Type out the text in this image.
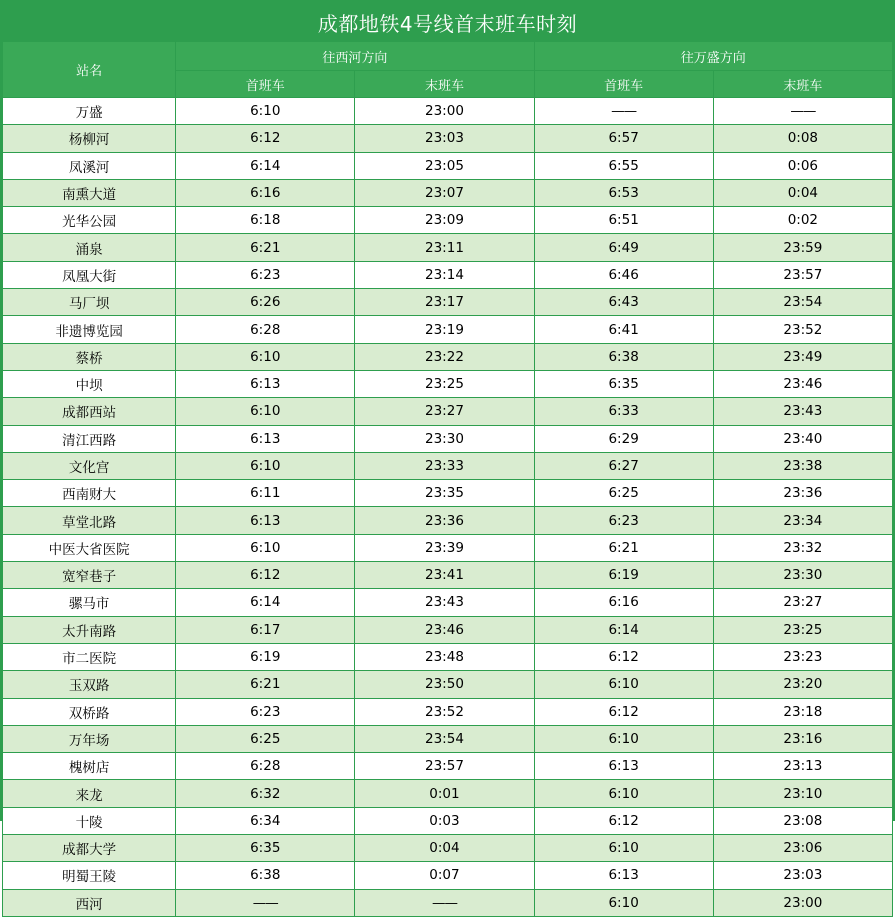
成都地铁4号线首末班车时刻				
站名	往西河方向		往万盛方向	
	首班车	末班车	首班车	末班车
万盛	6:10	23:00	——	——
杨柳河	6:12	23:03	6:57	0:08
凤溪河	6:14	23:05	6:55	0:06
南熏大道	6:16	23:07	6:53	0:04
光华公园	6:18	23:09	6:51	0:02
涌泉	6:21	23:11	6:49	23:59
凤凰大街	6:23	23:14	6:46	23:57
马厂坝	6:26	23:17	6:43	23:54
非遗博览园	6:28	23:19	6:41	23:52
蔡桥	6:10	23:22	6:38	23:49
中坝	6:13	23:25	6:35	23:46
成都西站	6:10	23:27	6:33	23:43
清江西路	6:13	23:30	6:29	23:40
文化宫	6:10	23:33	6:27	23:38
西南财大	6:11	23:35	6:25	23:36
草堂北路	6:13	23:36	6:23	23:34
中医大省医院	6:10	23:39	6:21	23:32
宽窄巷子	6:12	23:41	6:19	23:30
骡马市	6:14	23:43	6:16	23:27
太升南路	6:17	23:46	6:14	23:25
市二医院	6:19	23:48	6:12	23:23
玉双路	6:21	23:50	6:10	23:20
双桥路	6:23	23:52	6:12	23:18
万年场	6:25	23:54	6:10	23:16
槐树店	6:28	23:57	6:13	23:13
来龙	6:32	0:01	6:10	23:10
十陵	6:34	0:03	6:12	23:08
成都大学	6:35	0:04	6:10	23:06
明蜀王陵	6:38	0:07	6:13	23:03
西河	——	——	6:10	23:00
